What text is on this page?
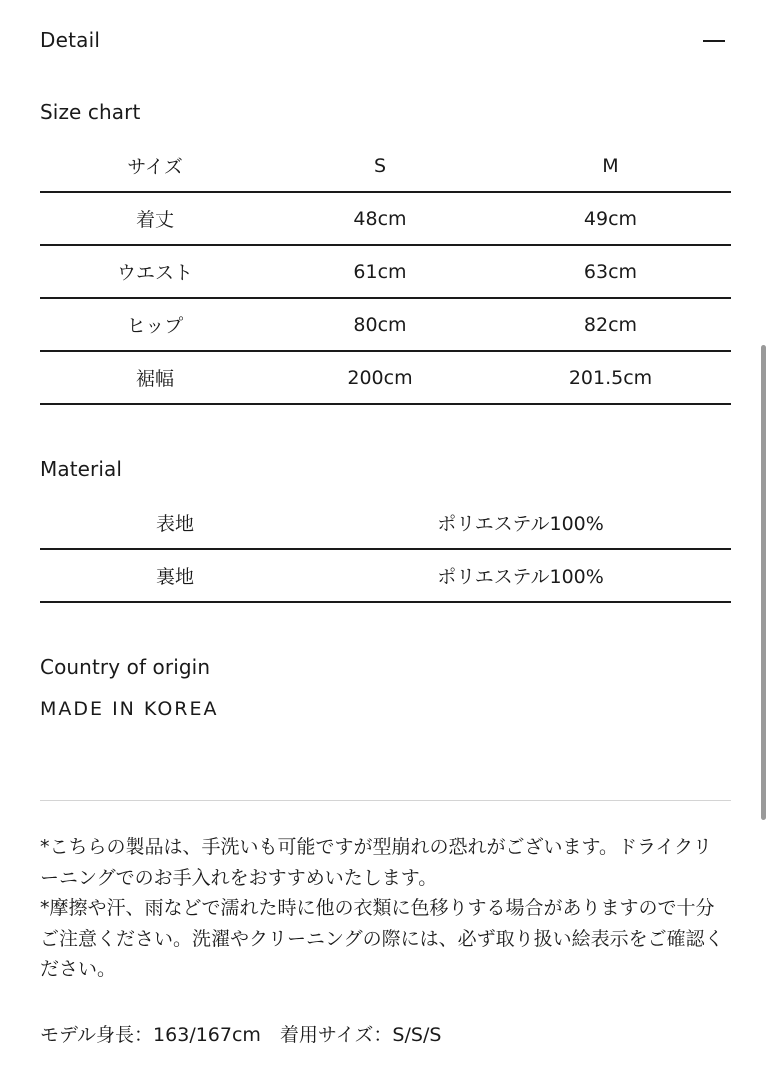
Detail
Size chart
サイズ	S	M
着丈	48cm	49cm
ウエスト	61cm	63cm
ヒップ	80cm	82cm
裾幅	200cm	201.5cm
Material
表地	ポリエステル100%
裏地	ポリエステル100%
Country of origin
MADE IN KOREA

*こちらの製品は、手洗いも可能ですが型崩れの恐れがございます。ドライクリーニングでのお手入れをおすすめいたします。

*摩擦や汗、雨などで濡れた時に他の衣類に色移りする場合がありますので十分ご注意ください。洗濯やクリーニングの際には、必ず取り扱い絵表示をご確認ください。

モデル身長：163/167cm　着用サイズ：S/S/S
